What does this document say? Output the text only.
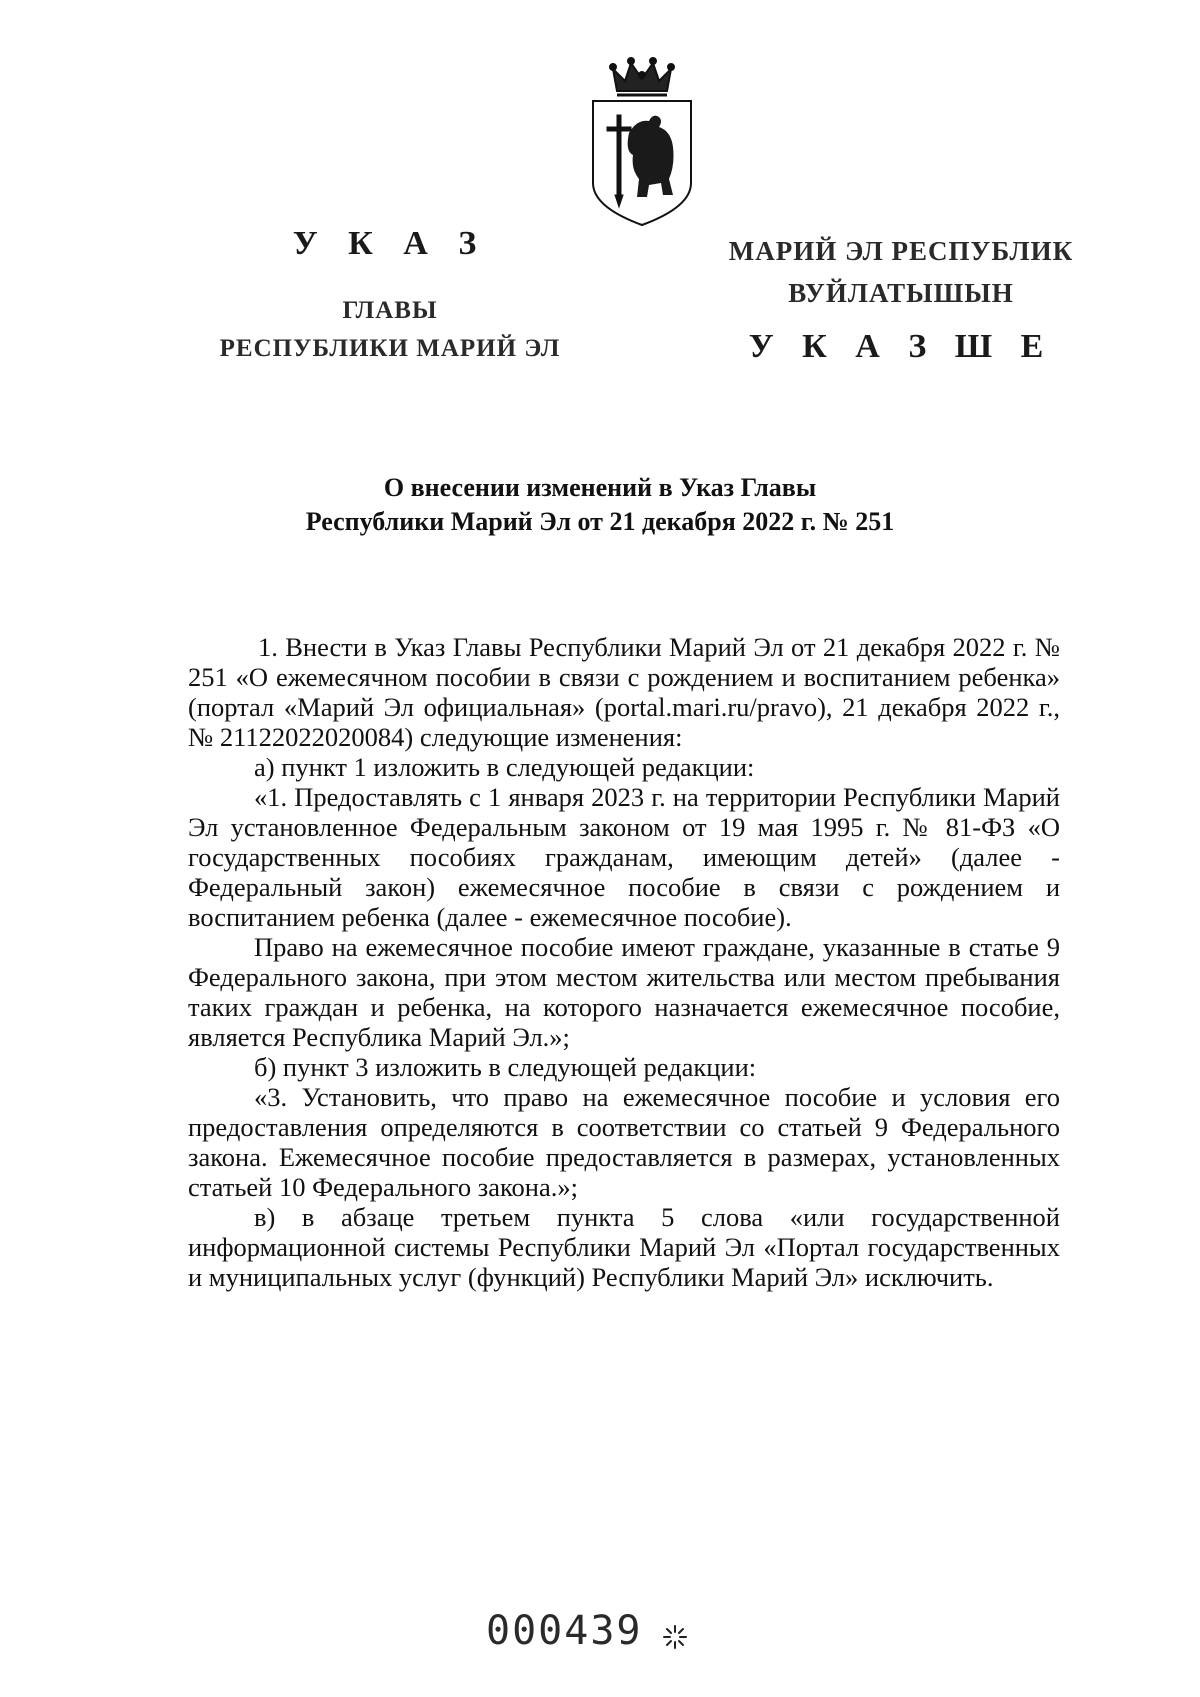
У К А З
ГЛАВЫ
РЕСПУБЛИКИ МАРИЙ ЭЛ
МАРИЙ ЭЛ РЕСПУБЛИК
ВУЙЛАТЫШЫН
У К А З Ш Е
О внесении изменений в Указ Главы
Республики Марий Эл от 21 декабря 2022 г. № 251

1. Внести в Указ Главы Республики Марий Эл от 21 декабря 2022 г. № 251 «О ежемесячном пособии в связи с рождением и воспитанием ребенка» (портал «Марий Эл официальная» (portal.mari.ru/pravo), 21 декабря 2022 г., № 21122022020084) следующие изменения:

а) пункт 1 изложить в следующей редакции:

«1. Предоставлять с 1 января 2023 г. на территории Республики Марий Эл установленное Федеральным законом от 19 мая 1995 г. № 81-ФЗ «О государственных пособиях гражданам, имеющим детей» (далее - Федеральный закон) ежемесячное пособие в связи с рождением и воспитанием ребенка (далее - ежемесячное пособие).

Право на ежемесячное пособие имеют граждане, указанные в статье 9 Федерального закона, при этом местом жительства или местом пребывания таких граждан и ребенка, на которого назначается ежемесячное пособие, является Республика Марий Эл.»;

б) пункт 3 изложить в следующей редакции:

«3. Установить, что право на ежемесячное пособие и условия его предоставления определяются в соответствии со статьей 9 Федерального закона. Ежемесячное пособие предоставляется в размерах, установленных статьей 10 Федерального закона.»;

в) в абзаце третьем пункта 5 слова «или государственной информационной системы Республики Марий Эл «Портал государственных и муниципальных услуг (функций) Республики Марий Эл» исключить.

000439
